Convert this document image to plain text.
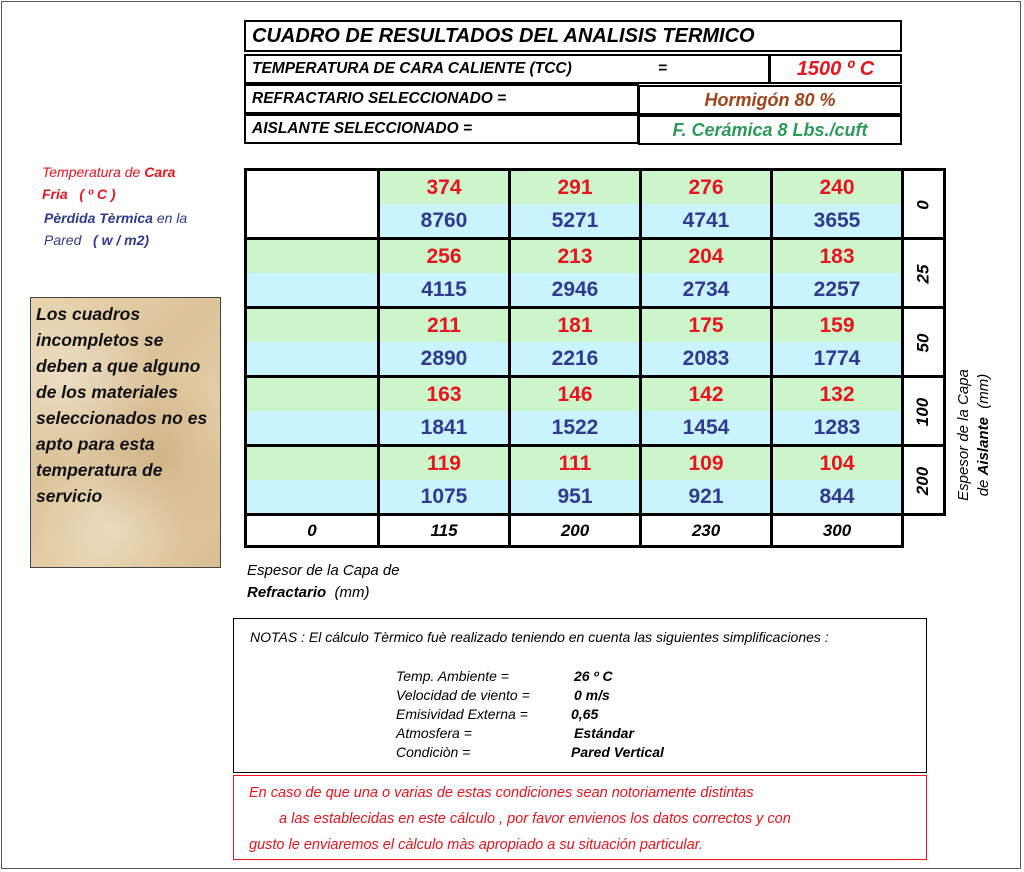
CUADRO DE RESULTADOS DEL ANALISIS TERMICO
TEMPERATURA DE CARA CALIENTE (TCC)	=	1500 º C
REFRACTARIO SELECCIONADO =	Hormigón 80 %
AISLANTE SELECCIONADO =	F. Cerámica 8 Lbs./cuft
Temperatura de Cara
Fria ( º C )
Pèrdida Tèrmica en la
Pared ( w / m2)
Los cuadros incompletos se deben a que alguno de los materiales seleccionados no es apto para esta temperatura de servicio
	374	291	276	240	0
	8760	5271	4741	3655	
	256	213	204	183	25
	4115	2946	2734	2257	
	211	181	175	159	50
	2890	2216	2083	1774	
	163	146	142	132	100
	1841	1522	1454	1283	
	119	111	109	104	200
	1075	951	921	844	
0	115	200	230	300	
Espesor de la Capa de
Refractario (mm)
Espesor de la Capa de Aislante  (mm)
NOTAS : El cálculo Tèrmico fuè realizado teniendo en cuenta las siguientes simplificaciones :
Temp. Ambiente =	26 º C
Velocidad de viento =	0 m/s
Emisividad Externa =	0,65
Atmosfera =	Estándar
Condiciòn =	Pared Vertical
En caso de que una o varias de estas condiciones sean notoriamente distintas
a las establecidas en este cálculo , por favor envienos los datos correctos y con
gusto le enviaremos el càlculo màs apropiado a su situación particular.
